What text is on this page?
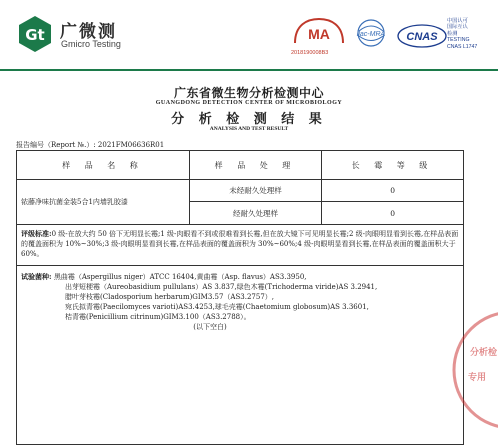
Gt 广微测
Gmicro Testing
MA
2018190008B3
ilac-MRA CNAS
中国认可
国际互认
检测
TESTING
CNAS L1747
广东省微生物分析检测中心
GUANGDONG DETECTION CENTER OF MICROBIOLOGY
分 析 检 测 结 果
ANALYSIS AND TEST RESULT
报告编号（Report №.）: 2021FM06636R01
样 品 名 称	样 品 处 理	长 霉 等 级
铱藤净味抗菌金装5合1内墙乳胶漆
未经耐久处理样
经耐久处理样
0
0
评级标准:0 级-在放大约 50 倍下无明显长霉;1 级-肉眼看不到或很难看到长霉,但在放大镜下可见明显长霉;2 级-肉眼明显看到长霉,在样品表面的覆盖面积为 10%~30%;3 级-肉眼明显看到长霉,在样品表面的覆盖面积为 30%~60%;4 级-肉眼明显看到长霉,在样品表面的覆盖面积大于 60%。
试验菌种: 黑曲霉（Aspergillus niger）ATCC 16404,黄曲霉（Asp. flavus）AS3.3950,
出芽短梗霉（Aureobasidium pullulans）AS 3.837,绿色木霉(Trichoderma viride)AS 3.2941,
腊叶芽枝霉(Cladosporium herbarum)GIM3.57（AS3.2757）,
宛氏拟青霉(Paecilomyces varioti)AS3.4253,球毛壳霉(Chaetomium globosum)AS 3.3601,
桔青霉(Penicillium citrinum)GIM3.100（AS3.2788）。
(以下空白)
分析检
专用
